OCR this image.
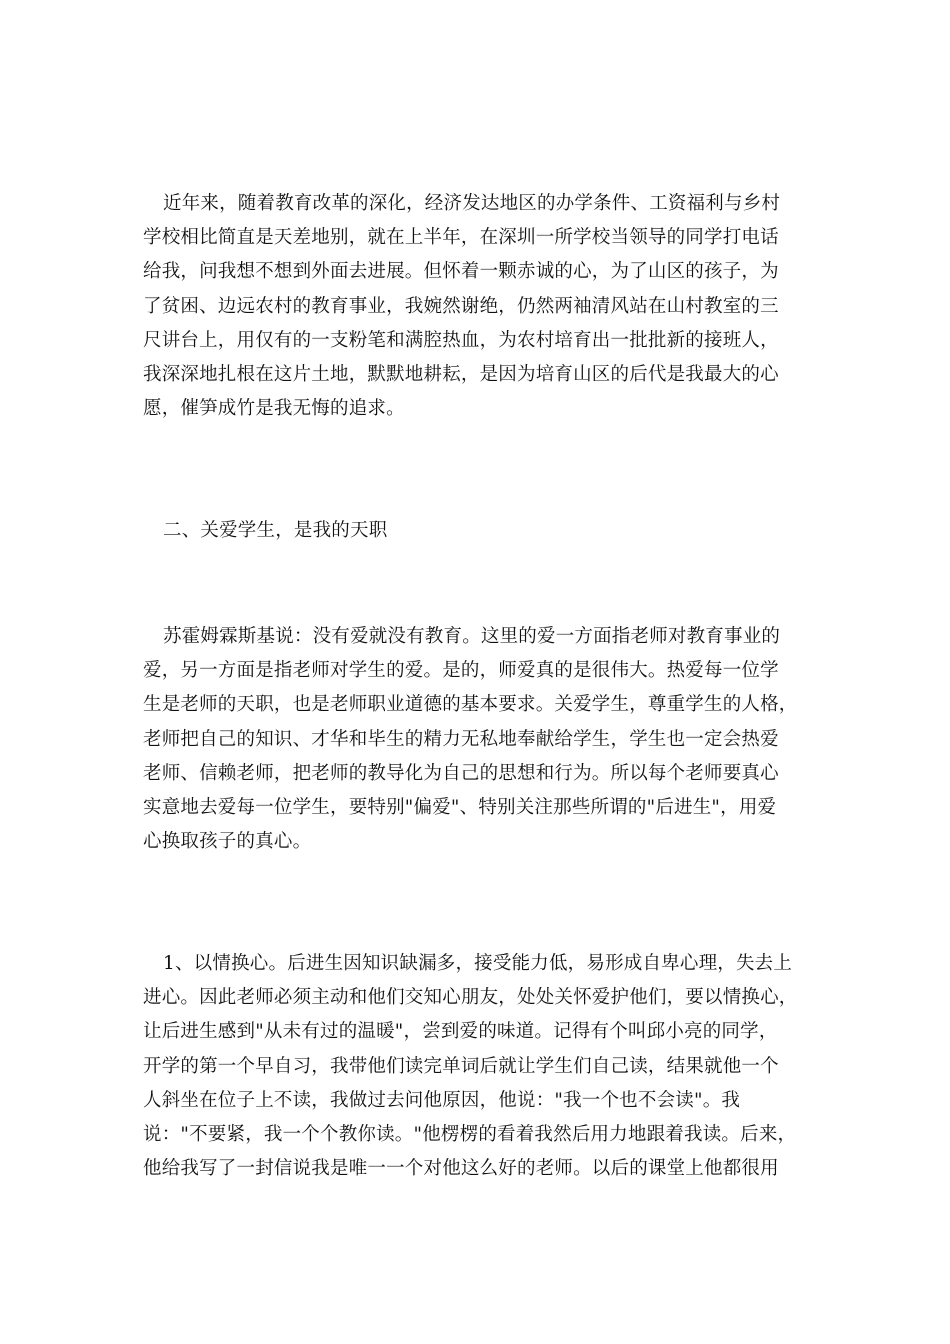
近年来，随着教育改革的深化，经济发达地区的办学条件、工资福利与乡村
学校相比简直是天差地别，就在上半年，在深圳一所学校当领导的同学打电话
给我，问我想不想到外面去进展。但怀着一颗赤诚的心，为了山区的孩子，为
了贫困、边远农村的教育事业，我婉然谢绝，仍然两袖清风站在山村教室的三
尺讲台上，用仅有的一支粉笔和满腔热血，为农村培育出一批批新的接班人，
我深深地扎根在这片土地，默默地耕耘，是因为培育山区的后代是我最大的心
愿，催笋成竹是我无悔的追求。
二、关爱学生，是我的天职
苏霍姆霖斯基说：没有爱就没有教育。这里的爱一方面指老师对教育事业的
爱，另一方面是指老师对学生的爱。是的，师爱真的是很伟大。热爱每一位学
生是老师的天职，也是老师职业道德的基本要求。关爱学生，尊重学生的人格，
老师把自己的知识、才华和毕生的精力无私地奉献给学生，学生也一定会热爱
老师、信赖老师，把老师的教导化为自己的思想和行为。所以每个老师要真心
实意地去爱每一位学生，要特别"偏爱"、特别关注那些所谓的"后进生"，用爱
心换取孩子的真心。
1、以情换心。后进生因知识缺漏多，接受能力低，易形成自卑心理，失去上
进心。因此老师必须主动和他们交知心朋友，处处关怀爱护他们，要以情换心，
让后进生感到"从未有过的温暖"，尝到爱的味道。记得有个叫邱小亮的同学，
开学的第一个早自习，我带他们读完单词后就让学生们自己读，结果就他一个
人斜坐在位子上不读，我做过去问他原因，他说："我一个也不会读"。我
说："不要紧，我一个个教你读。"他楞楞的看着我然后用力地跟着我读。后来，
他给我写了一封信说我是唯一一个对他这么好的老师。以后的课堂上他都很用
